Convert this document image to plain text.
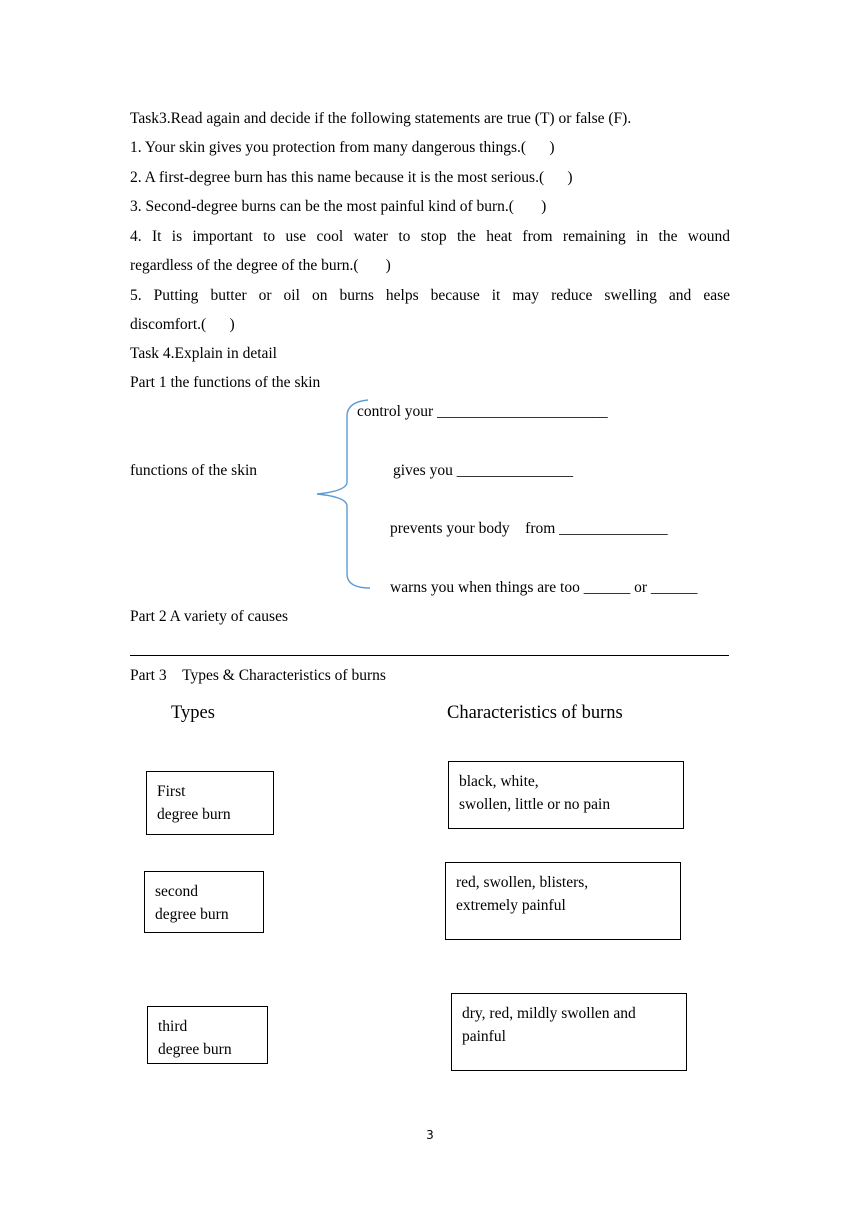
Task3.Read again and decide if the following statements are true (T) or false (F).
1. Your skin gives you protection from many dangerous things.(      )
2. A first-degree burn has this name because it is the most serious.(      )
3. Second-degree burns can be the most painful kind of burn.(       )
4. It is important to use cool water to stop the heat from remaining in the wound
regardless of the degree of the burn.(       )
5. Putting butter or oil on burns helps because it may reduce swelling and ease
discomfort.(      )
Task 4.Explain in detail
Part 1 the functions of the skin
functions of the skin
control your ______________________
gives you _______________
prevents your body    from ______________
warns you when things are too ______ or ______
Part 2 A variety of causes
Part 3    Types & Characteristics of burns
Types	Characteristics of burns
First
degree burn
second
degree burn
third
degree burn
black, white,
swollen, little or no pain
red, swollen, blisters,
extremely painful
dry, red, mildly swollen and
painful
3
